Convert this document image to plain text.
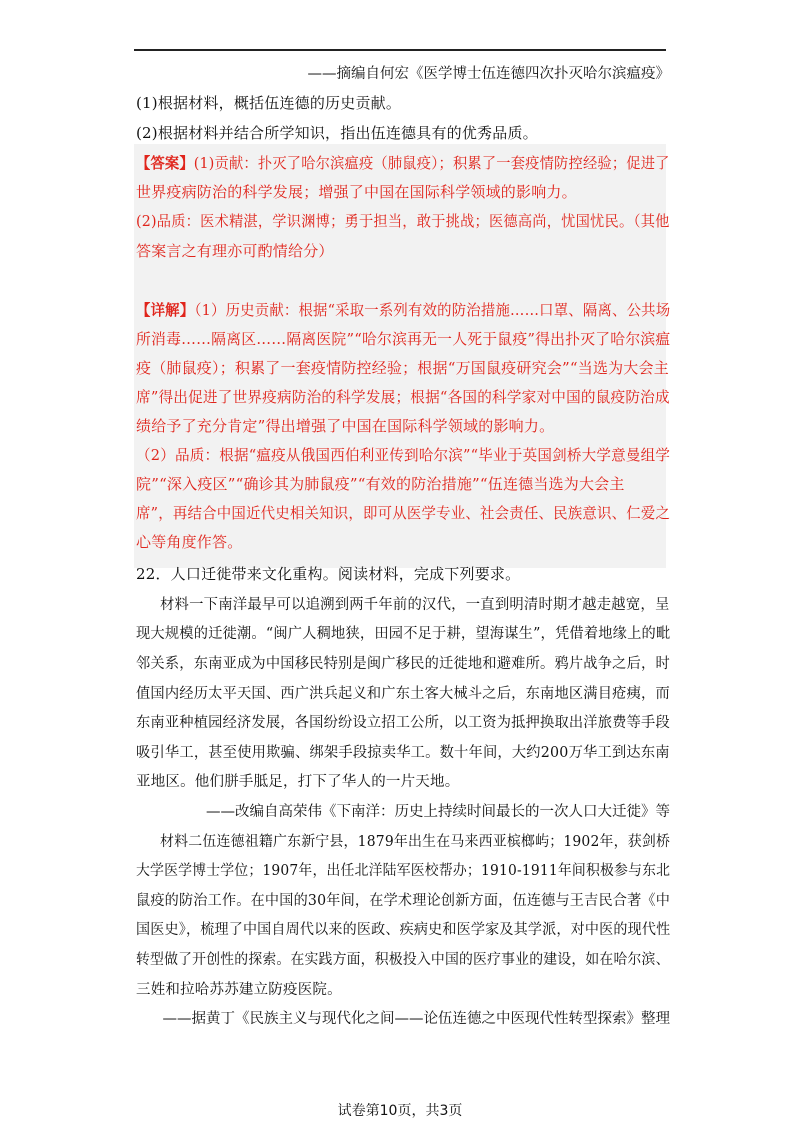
——摘编自何宏《医学博士伍连德四次扑灭哈尔滨瘟疫》
(1)根据材料，概括伍连德的历史贡献。
(2)根据材料并结合所学知识，指出伍连德具有的优秀品质。
【答案】(1)贡献：扑灭了哈尔滨瘟疫（肺鼠疫）；积累了一套疫情防控经验；促进了
世界疫病防治的科学发展；增强了中国在国际科学领域的影响力。
(2)品质：医术精湛，学识渊博；勇于担当，敢于挑战；医德高尚，忧国忧民。（其他
答案言之有理亦可酌情给分）
【详解】（1）历史贡献：根据“采取一系列有效的防治措施……口罩、隔离、公共场
所消毒……隔离区……隔离医院”“哈尔滨再无一人死于鼠疫”得出扑灭了哈尔滨瘟
疫（肺鼠疫）；积累了一套疫情防控经验；根据“万国鼠疫研究会”“当选为大会主
席”得出促进了世界疫病防治的科学发展；根据“各国的科学家对中国的鼠疫防治成
绩给予了充分肯定”得出增强了中国在国际科学领域的影响力。
（2）品质：根据“瘟疫从俄国西伯利亚传到哈尔滨”“毕业于英国剑桥大学意曼组学
院”“深入疫区”“确诊其为肺鼠疫”“有效的防治措施”“伍连德当选为大会主
席”，再结合中国近代史相关知识，即可从医学专业、社会责任、民族意识、仁爱之
心等角度作答。
22．人口迁徙带来文化重构。阅读材料，完成下列要求。
材料一下南洋最早可以追溯到两千年前的汉代，一直到明清时期才越走越宽，呈
现大规模的迁徙潮。“闽广人稠地狭，田园不足于耕，望海谋生”，凭借着地缘上的毗
邻关系，东南亚成为中国移民特别是闽广移民的迁徙地和避难所。鸦片战争之后，时
值国内经历太平天国、西广洪兵起义和广东土客大械斗之后，东南地区满目疮痍，而
东南亚种植园经济发展，各国纷纷设立招工公所，以工资为抵押换取出洋旅费等手段
吸引华工，甚至使用欺骗、绑架手段掠卖华工。数十年间，大约200万华工到达东南
亚地区。他们胼手胝足，打下了华人的一片天地。
——改编自高荣伟《下南洋：历史上持续时间最长的一次人口大迁徙》等
材料二伍连德祖籍广东新宁县，1879年出生在马来西亚槟榔屿；1902年，获剑桥
大学医学博士学位；1907年，出任北洋陆军医校帮办；1910-1911年间积极参与东北
鼠疫的防治工作。在中国的30年间，在学术理论创新方面，伍连德与王吉民合著《中
国医史》，梳理了中国自周代以来的医政、疾病史和医学家及其学派，对中医的现代性
转型做了开创性的探索。在实践方面，积极投入中国的医疗事业的建设，如在哈尔滨、
三姓和拉哈苏苏建立防疫医院。
——据黄丁《民族主义与现代化之间——论伍连德之中医现代性转型探索》整理
试卷第10页，共3页
